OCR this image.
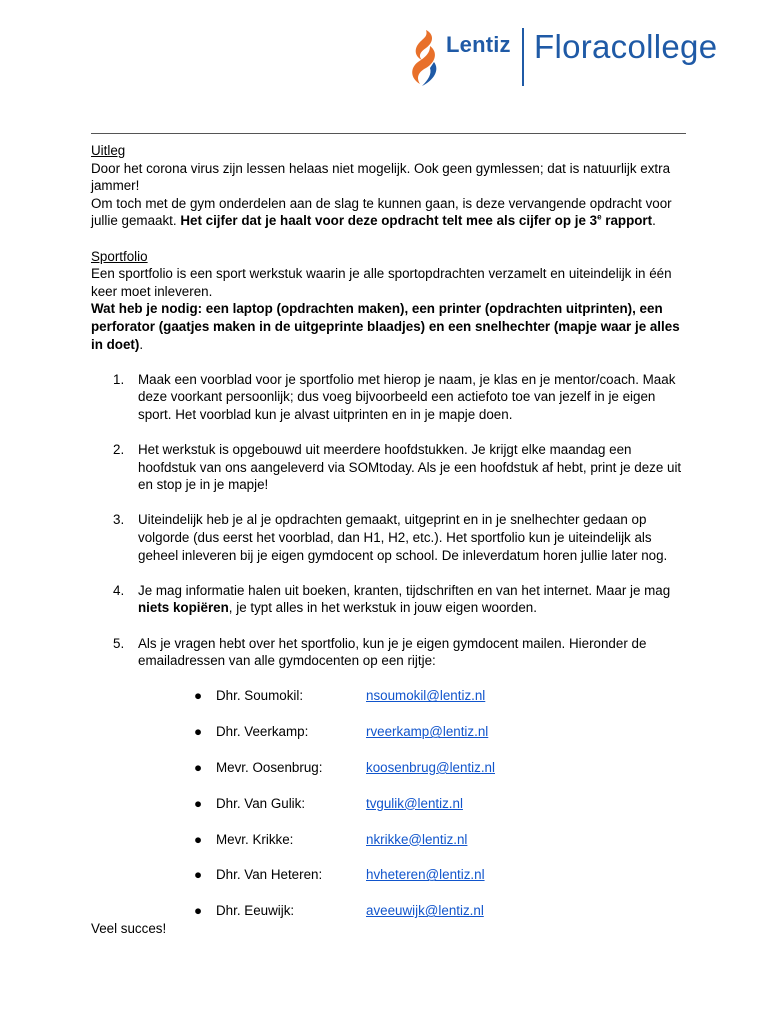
Lentiz Floracollege

Uitleg

Door het corona virus zijn lessen helaas niet mogelijk. Ook geen gymlessen; dat is natuurlijk extra jammer!

Om toch met de gym onderdelen aan de slag te kunnen gaan, is deze vervangende opdracht voor jullie gemaakt. Het cijfer dat je haalt voor deze opdracht telt mee als cijfer op je 3e rapport.

Sportfolio

Een sportfolio is een sport werkstuk waarin je alle sportopdrachten verzamelt en uiteindelijk in één keer moet inleveren.

Wat heb je nodig: een laptop (opdrachten maken), een printer (opdrachten uitprinten), een perforator (gaatjes maken in de uitgeprinte blaadjes) en een snelhechter (mapje waar je alles in doet).

1. Maak een voorblad voor je sportfolio met hierop je naam, je klas en je mentor/coach. Maak deze voorkant persoonlijk; dus voeg bijvoorbeeld een actiefoto toe van jezelf in je eigen sport. Het voorblad kun je alvast uitprinten en in je mapje doen.
2. Het werkstuk is opgebouwd uit meerdere hoofdstukken. Je krijgt elke maandag een hoofdstuk van ons aangeleverd via SOMtoday. Als je een hoofdstuk af hebt, print je deze uit en stop je in je mapje!
3. Uiteindelijk heb je al je opdrachten gemaakt, uitgeprint en in je snelhechter gedaan op volgorde (dus eerst het voorblad, dan H1, H2, etc.). Het sportfolio kun je uiteindelijk als geheel inleveren bij je eigen gymdocent op school. De inleverdatum horen jullie later nog.
4. Je mag informatie halen uit boeken, kranten, tijdschriften en van het internet. Maar je mag niets kopiëren, je typt alles in het werkstuk in jouw eigen woorden.
5. Als je vragen hebt over het sportfolio, kun je je eigen gymdocent mailen. Hieronder de emailadressen van alle gymdocenten op een rijtje:
● Dhr. Soumokil:	nsoumokil@lentiz.nl
● Dhr. Veerkamp:	rveerkamp@lentiz.nl
● Mevr. Oosenbrug:	koosenbrug@lentiz.nl
● Dhr. Van Gulik:	tvgulik@lentiz.nl
● Mevr. Krikke:	nkrikke@lentiz.nl
● Dhr. Van Heteren:	hvheteren@lentiz.nl
● Dhr. Eeuwijk:	aveeuwijk@lentiz.nl

Veel succes!
